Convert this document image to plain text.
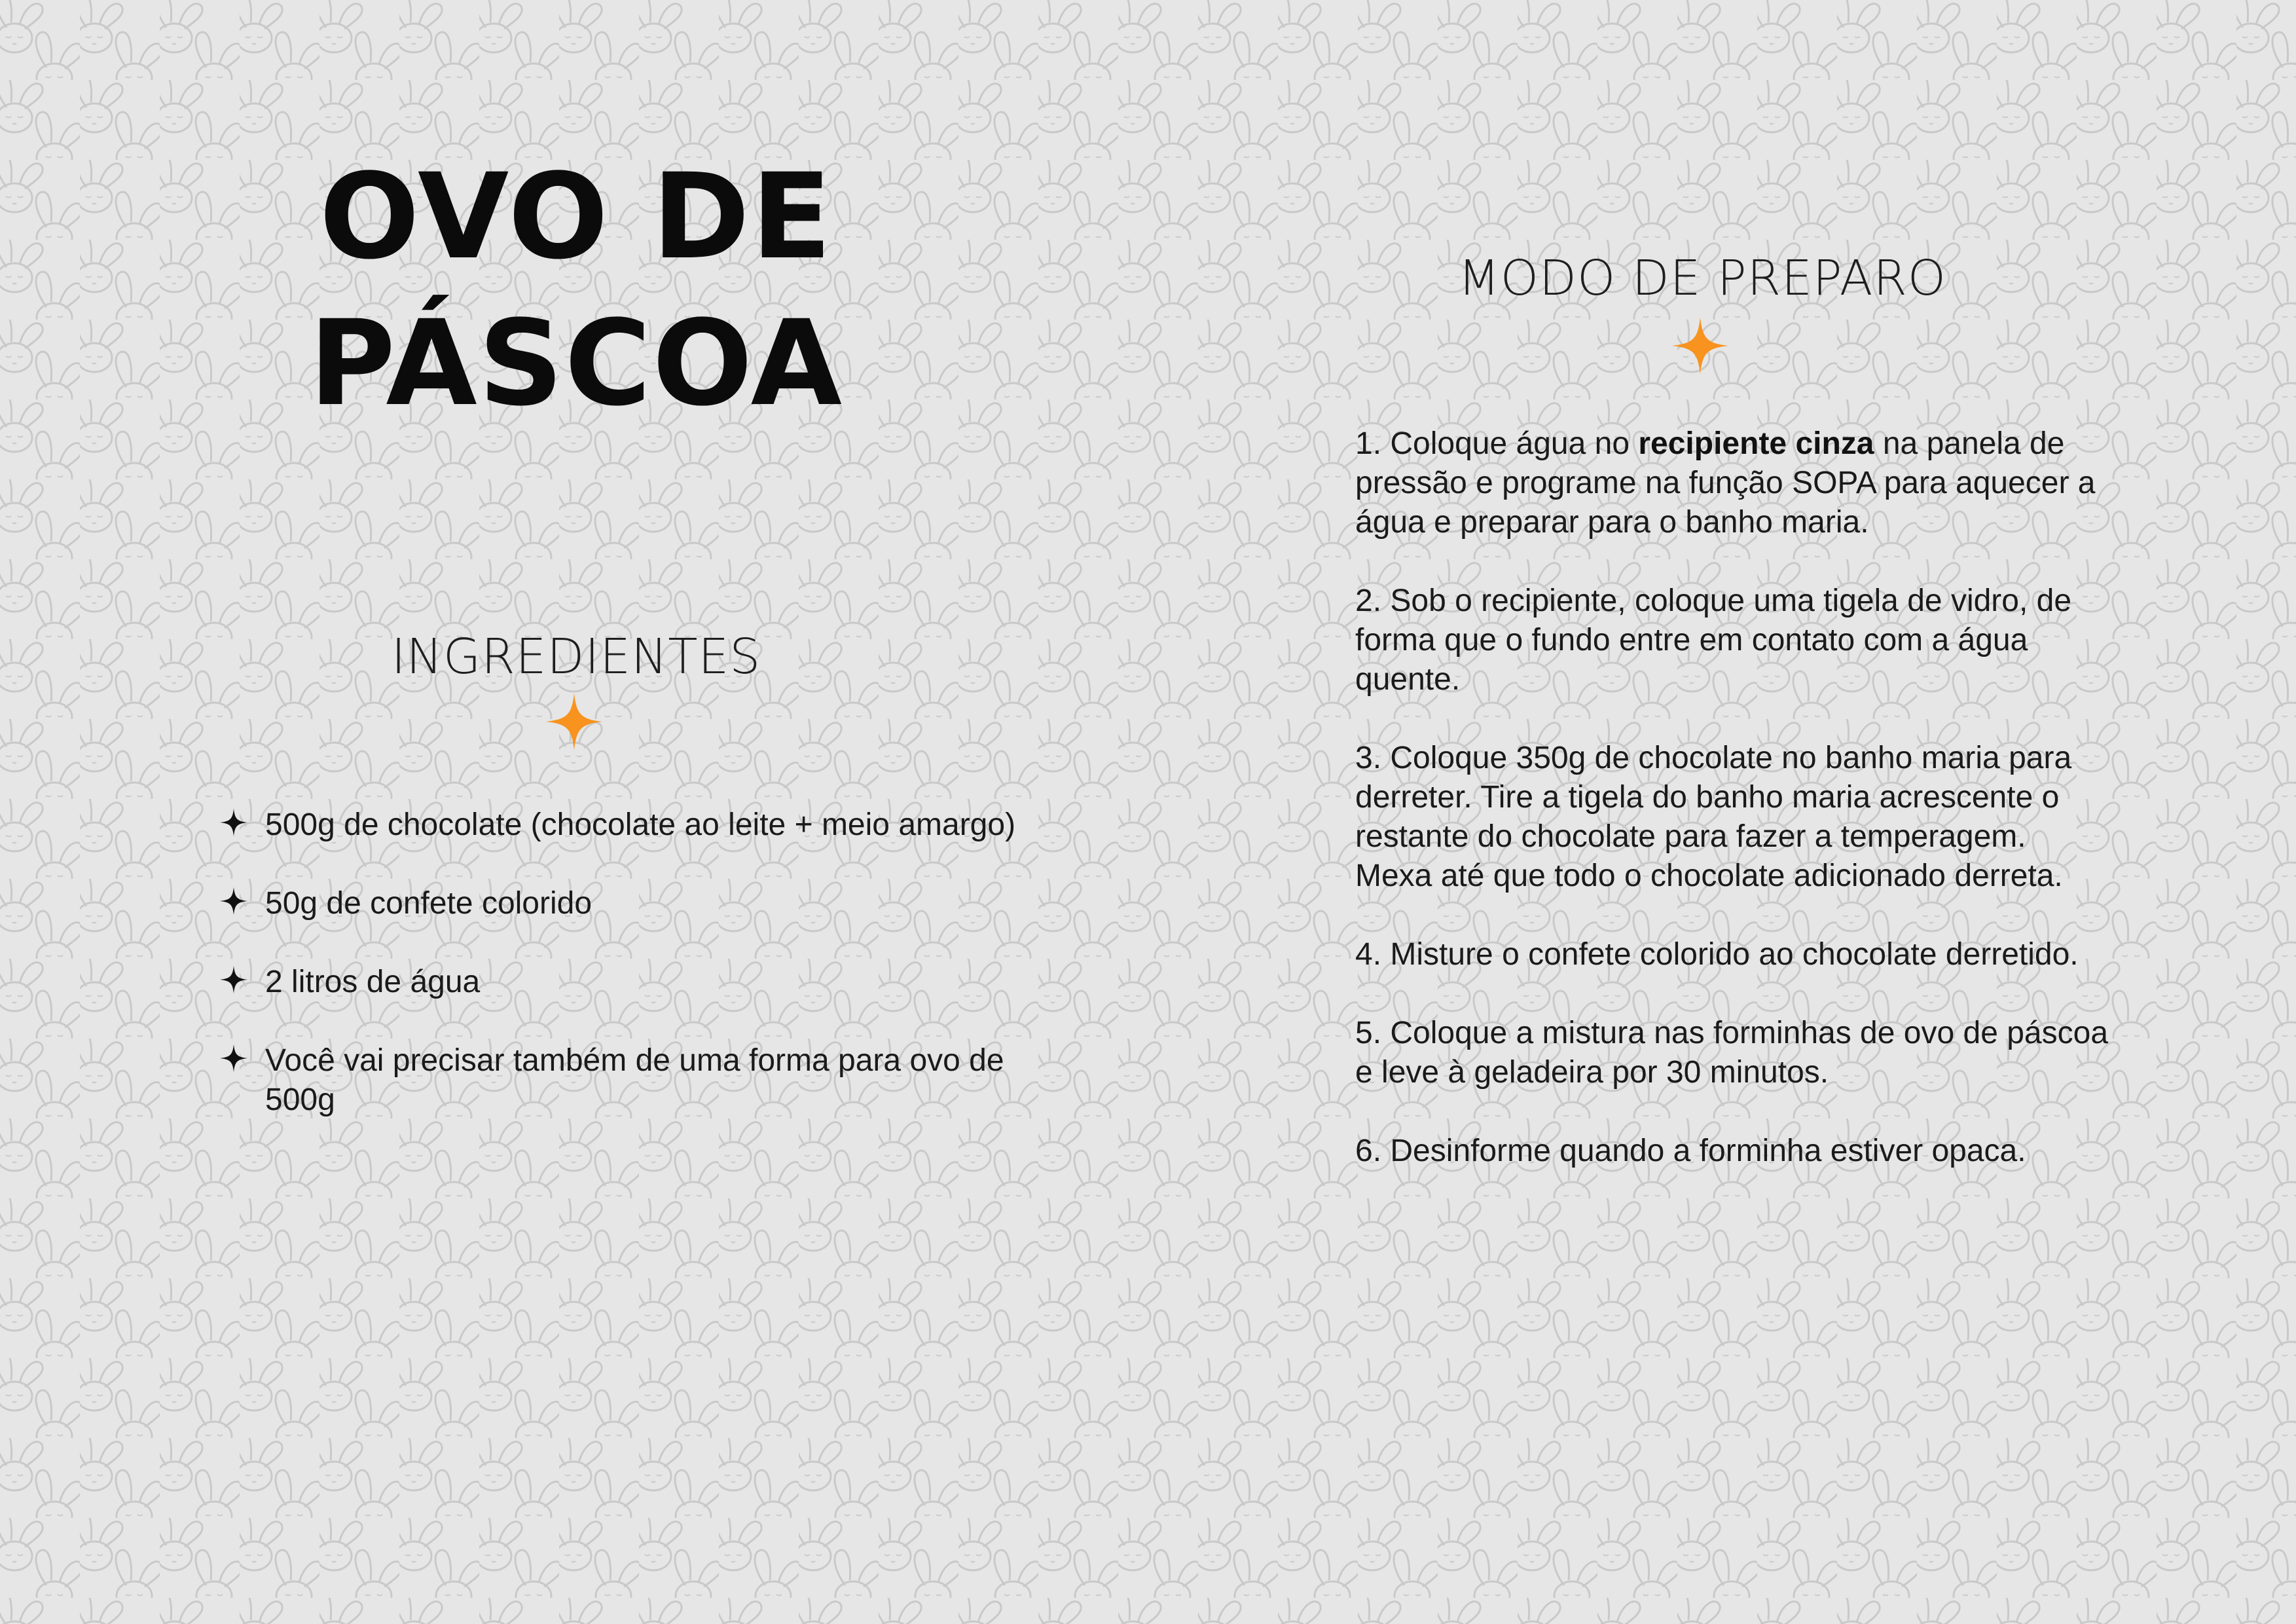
OVO DE
PÁSCOA
INGREDIENTES
500g de chocolate (chocolate ao leite + meio amargo)
50g de confete colorido
2 litros de água
Você vai precisar também de uma forma para ovo de 500g
MODO DE PREPARO
1. Coloque água no recipiente cinza na panela de pressão e programe na função SOPA para aquecer a água e preparar para o banho maria.
2. Sob o recipiente, coloque uma tigela de vidro, de forma que o fundo entre em contato com a água quente.
3. Coloque 350g de chocolate no banho maria para derreter. Tire a tigela do banho maria acrescente o restante do chocolate para fazer a temperagem. Mexa até que todo o chocolate adicionado derreta.
4. Misture o confete colorido ao chocolate derretido.
5. Coloque a mistura nas forminhas de ovo de páscoa e leve à geladeira por 30 minutos.
6. Desinforme quando a forminha estiver opaca.
